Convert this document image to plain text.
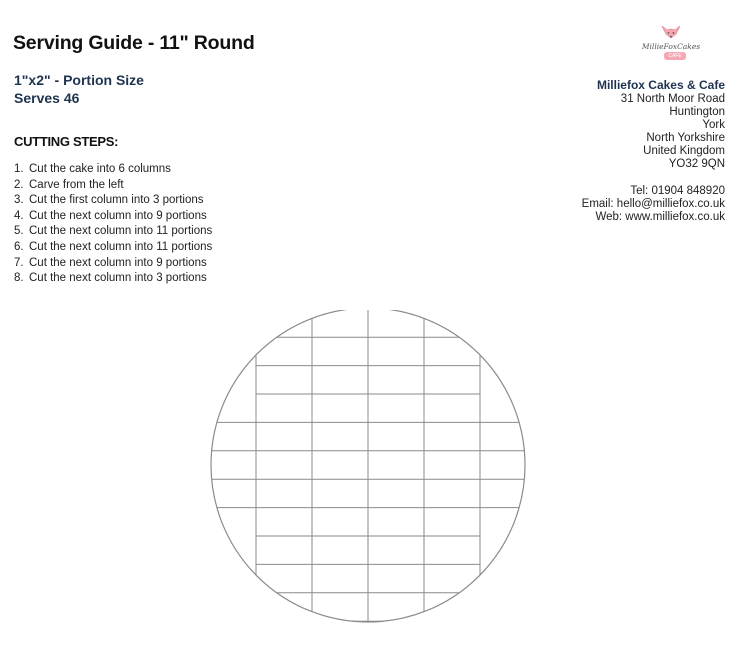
Serving Guide - 11" Round
1"x2" - Portion Size
Serves 46
CUTTING STEPS:
1. Cut the cake into 6 columns
2. Carve from the left
3. Cut the first column into 3 portions
4. Cut the next column into 9 portions
5. Cut the next column into 11 portions
6. Cut the next column into 11 portions
7. Cut the next column into 9 portions
8. Cut the next column into 3 portions
MillieFoxCakes
CAFE
Milliefox Cakes & Cafe
31 North Moor Road
Huntington
York
North Yorkshire
United Kingdom
YO32 9QN
Tel: 01904 848920
Email: hello@milliefox.co.uk
Web: www.milliefox.co.uk
